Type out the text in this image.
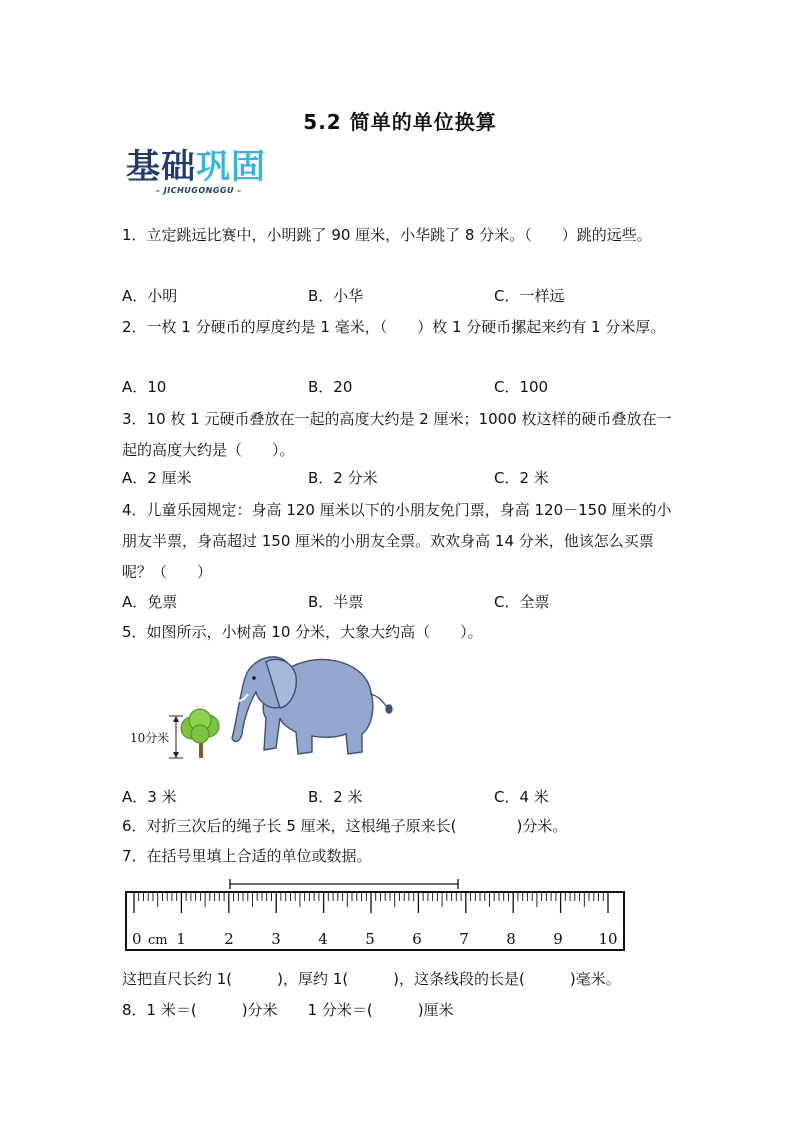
5.2 简单的单位换算
基础巩固
– JICHUGONGGU –
1．立定跳远比赛中，小明跳了 90 厘米，小华跳了 8 分米。（　　）跳的远些。
A．小明	B．小华	C．一样远
2．一枚 1 分硬币的厚度约是 1 毫米，（　　）枚 1 分硬币摞起来约有 1 分米厚。
A．10	B．20	C．100
3．10 枚 1 元硬币叠放在一起的高度大约是 2 厘米；1000 枚这样的硬币叠放在一起的高度大约是（　　）。
A．2 厘米	B．2 分米	C．2 米
4．儿童乐园规定：身高 120 厘米以下的小朋友免门票，身高 120－150 厘米的小朋友半票，身高超过 150 厘米的小朋友全票。欢欢身高 14 分米，他该怎么买票呢？（　　）
A．免票	B．半票	C．全票
5．如图所示，小树高 10 分米，大象大约高（　　）。
10分米
A．3 米	B．2 米	C．4 米
6．对折三次后的绳子长 5 厘米，这根绳子原来长(　　　　)分米。
7．在括号里填上合适的单位或数据。
0 cm 1	2 3 4 5 6 7 8 9 10
这把直尺长约 1(　　　)，厚约 1(　　　)，这条线段的长是(　　　)毫米。
8．1 米＝(　　　)分米　　1 分米＝(　　　)厘米
